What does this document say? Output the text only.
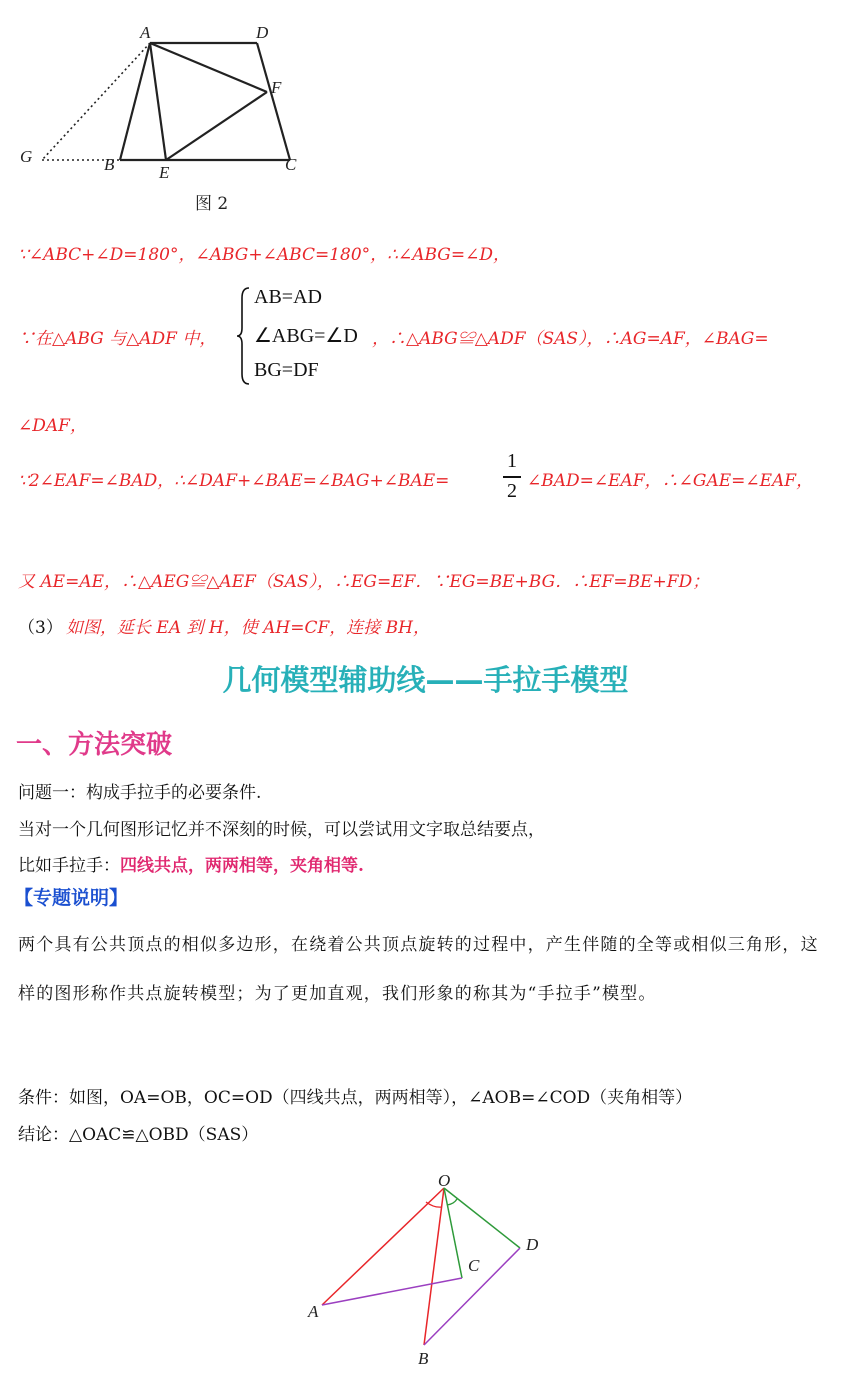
A	D
F
G	B	E	C
图 2
∵∠ABC+∠D=180°，∠ABG+∠ABC=180°，∴∠ABG=∠D，
∵在△ABG 与△ADF 中，
AB=AD
∠ABG=∠D
BG=DF
，∴△ABG≌△ADF（SAS），∴AG=AF，∠BAG=
∠DAF，
∵2∠EAF=∠BAD，∴∠DAF+∠BAE=∠BAG+∠BAE=
1
2 ∠BAD=∠EAF，∴∠GAE=∠EAF，
又 AE=AE，∴△AEG≌△AEF（SAS），∴EG=EF．∵EG=BE+BG．∴EF=BE+FD；
（3） 如图，延长 EA 到 H，使 AH=CF，连接 BH，
几何模型辅助线——手拉手模型
一、方法突破
问题一：构成手拉手的必要条件.
当对一个几何图形记忆并不深刻的时候，可以尝试用文字取总结要点，
比如手拉手：四线共点，两两相等，夹角相等.
【专题说明】
两个具有公共顶点的相似多边形，在绕着公共顶点旋转的过程中，产生伴随的全等或相似三角形，这样的图形称作共点旋转模型；为了更加直观，我们形象的称其为“手拉手”模型。
条件：如图，OA=OB，OC=OD（四线共点，两两相等），∠AOB=∠COD（夹角相等）
结论：△OAC≌△OBD（SAS）
O
A
B
C
D
